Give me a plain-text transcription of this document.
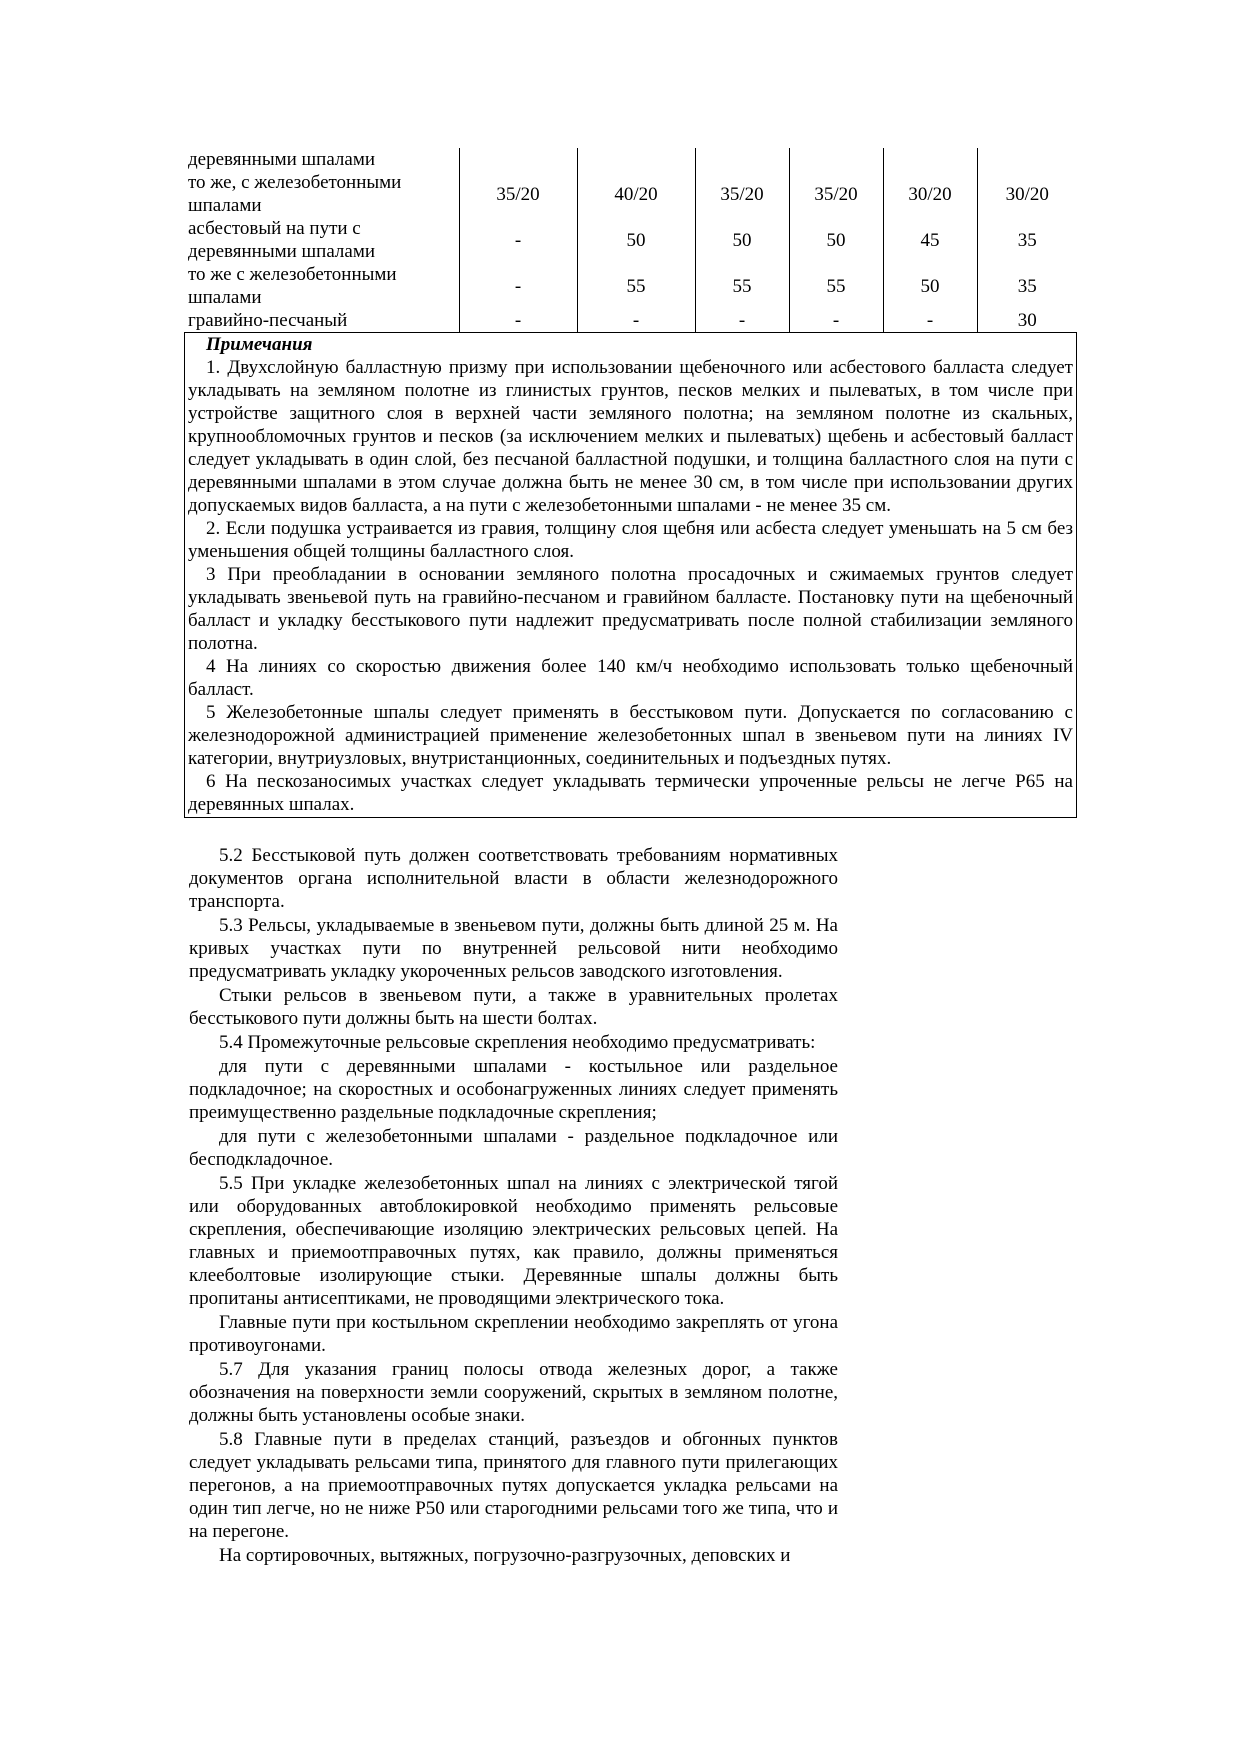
деревянными шпалами						
то же, с железобетонными шпалами	35/20	40/20	35/20	35/20	30/20	30/20
асбестовый на пути с деревянными шпалами	-	50	50	50	45	35
то же с железобетонными шпалами	-	55	55	55	50	35
гравийно-песчаный	-	-	-	-	-	30
Примечания

1. Двухслойную балластную призму при использовании щебеночного или асбестового балласта следует укладывать на земляном полотне из глинистых грунтов, песков мелких и пылеватых, в том числе при устройстве защитного слоя в верхней части земляного полотна; на земляном полотне из скальных, крупнообломочных грунтов и песков (за исключением мелких и пылеватых) щебень и асбестовый балласт следует укладывать в один слой, без песчаной балластной подушки, и толщина балластного слоя на пути с деревянными шпалами в этом случае должна быть не менее 30 см, в том числе при использовании других допускаемых видов балласта, а на пути с железобетонными шпалами - не менее 35 см.

2. Если подушка устраивается из гравия, толщину слоя щебня или асбеста следует уменьшать на 5 см без уменьшения общей толщины балластного слоя.

3 При преобладании в основании земляного полотна просадочных и сжимаемых грунтов следует укладывать звеньевой путь на гравийно-песчаном и гравийном балласте. Постановку пути на щебеночный балласт и укладку бесстыкового пути надлежит предусматривать после полной стабилизации земляного полотна.

4 На линиях со скоростью движения более 140 км/ч необходимо использовать только щебеночный балласт.

5 Железобетонные шпалы следует применять в бесстыковом пути. Допускается по согласованию с железнодорожной администрацией применение железобетонных шпал в звеньевом пути на линиях IV категории, внутриузловых, внутристанционных, соединительных и подъездных путях.

6 На пескозаносимых участках следует укладывать термически упроченные рельсы не легче Р65 на деревянных шпалах.

5.2 Бесстыковой путь должен соответствовать требованиям нормативных документов органа исполнительной власти в области железнодорожного транспорта.

5.3 Рельсы, укладываемые в звеньевом пути, должны быть длиной 25 м. На кривых участках пути по внутренней рельсовой нити необходимо предусматривать укладку укороченных рельсов заводского изготовления.

Стыки рельсов в звеньевом пути, а также в уравнительных пролетах бесстыкового пути должны быть на шести болтах.

5.4 Промежуточные рельсовые скрепления необходимо предусматривать:

для пути с деревянными шпалами - костыльное или раздельное подкладочное; на скоростных и особонагруженных линиях следует применять преимущественно раздельные подкладочные скрепления;

для пути с железобетонными шпалами - раздельное подкладочное или бесподкладочное.

5.5 При укладке железобетонных шпал на линиях с электрической тягой или оборудованных автоблокировкой необходимо применять рельсовые скрепления, обеспечивающие изоляцию электрических рельсовых цепей. На главных и приемоотправочных путях, как правило, должны применяться клееболтовые изолирующие стыки. Деревянные шпалы должны быть пропитаны антисептиками, не проводящими электрического тока.

Главные пути при костыльном скреплении необходимо закреплять от угона противоугонами.

5.7 Для указания границ полосы отвода железных дорог, а также обозначения на поверхности земли сооружений, скрытых в земляном полотне, должны быть установлены особые знаки.

5.8 Главные пути в пределах станций, разъездов и обгонных пунктов следует укладывать рельсами типа, принятого для главного пути прилегающих перегонов, а на приемоотправочных путях допускается укладка рельсами на один тип легче, но не ниже Р50 или старогодними рельсами того же типа, что и на перегоне.

На сортировочных, вытяжных, погрузочно-разгрузочных, деповских и
